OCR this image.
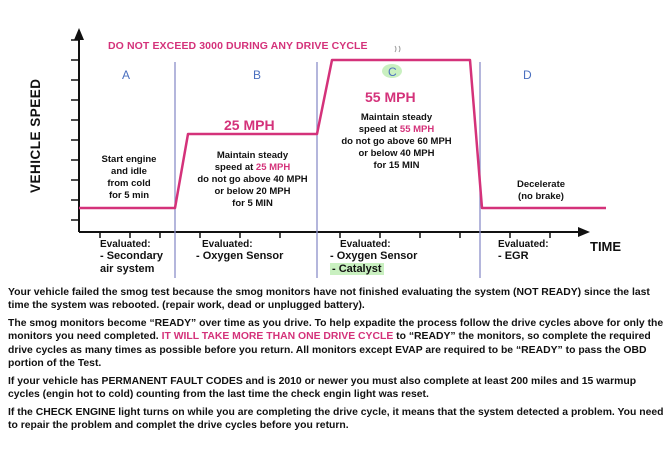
DO NOT EXCEED 3000 DURING ANY DRIVE CYCLE
A	B	C	D
25 MPH
55 MPH
Start engine
and idle
from cold
for 5 min
Maintain steady
speed at 25 MPH
do not go above 40 MPH
or below 20 MPH
for 5 MIN
Maintain steady
speed at 55 MPH
do not go above 60 MPH
or below 40 MPH
for 15 MIN
Decelerate
(no brake)
Evaluated:
- Secondary
air system
Evaluated:
- Oxygen Sensor
Evaluated:
- Oxygen Sensor
- Catalyst
Evaluated:
- EGR
VEHICLE SPEED
TIME

Your vehicle failed the smog test because the smog monitors have not finished evaluating the system (NOT READY) since the last time the system was rebooted. (repair work, dead or unplugged battery).

The smog monitors become “READY” over time as you drive. To help expadite the process follow the drive cycles above for only the monitors you need completed. IT WILL TAKE MORE THAN ONE DRIVE CYCLE to “READY” the monitors, so complete the required drive cycles as many times as possible before you return. All monitors except EVAP are required to be “READY” to pass the OBD portion of the Test.

If your vehicle has PERMANENT FAULT CODES and is 2010 or newer you must also complete at least 200 miles and 15 warmup cycles (engin hot to cold) counting from the last time the check engin light was reset.

If the CHECK ENGINE light turns on while you are completing the drive cycle, it means that the system detected a problem. You need to repair the problem and complet the drive cycles before you return.
